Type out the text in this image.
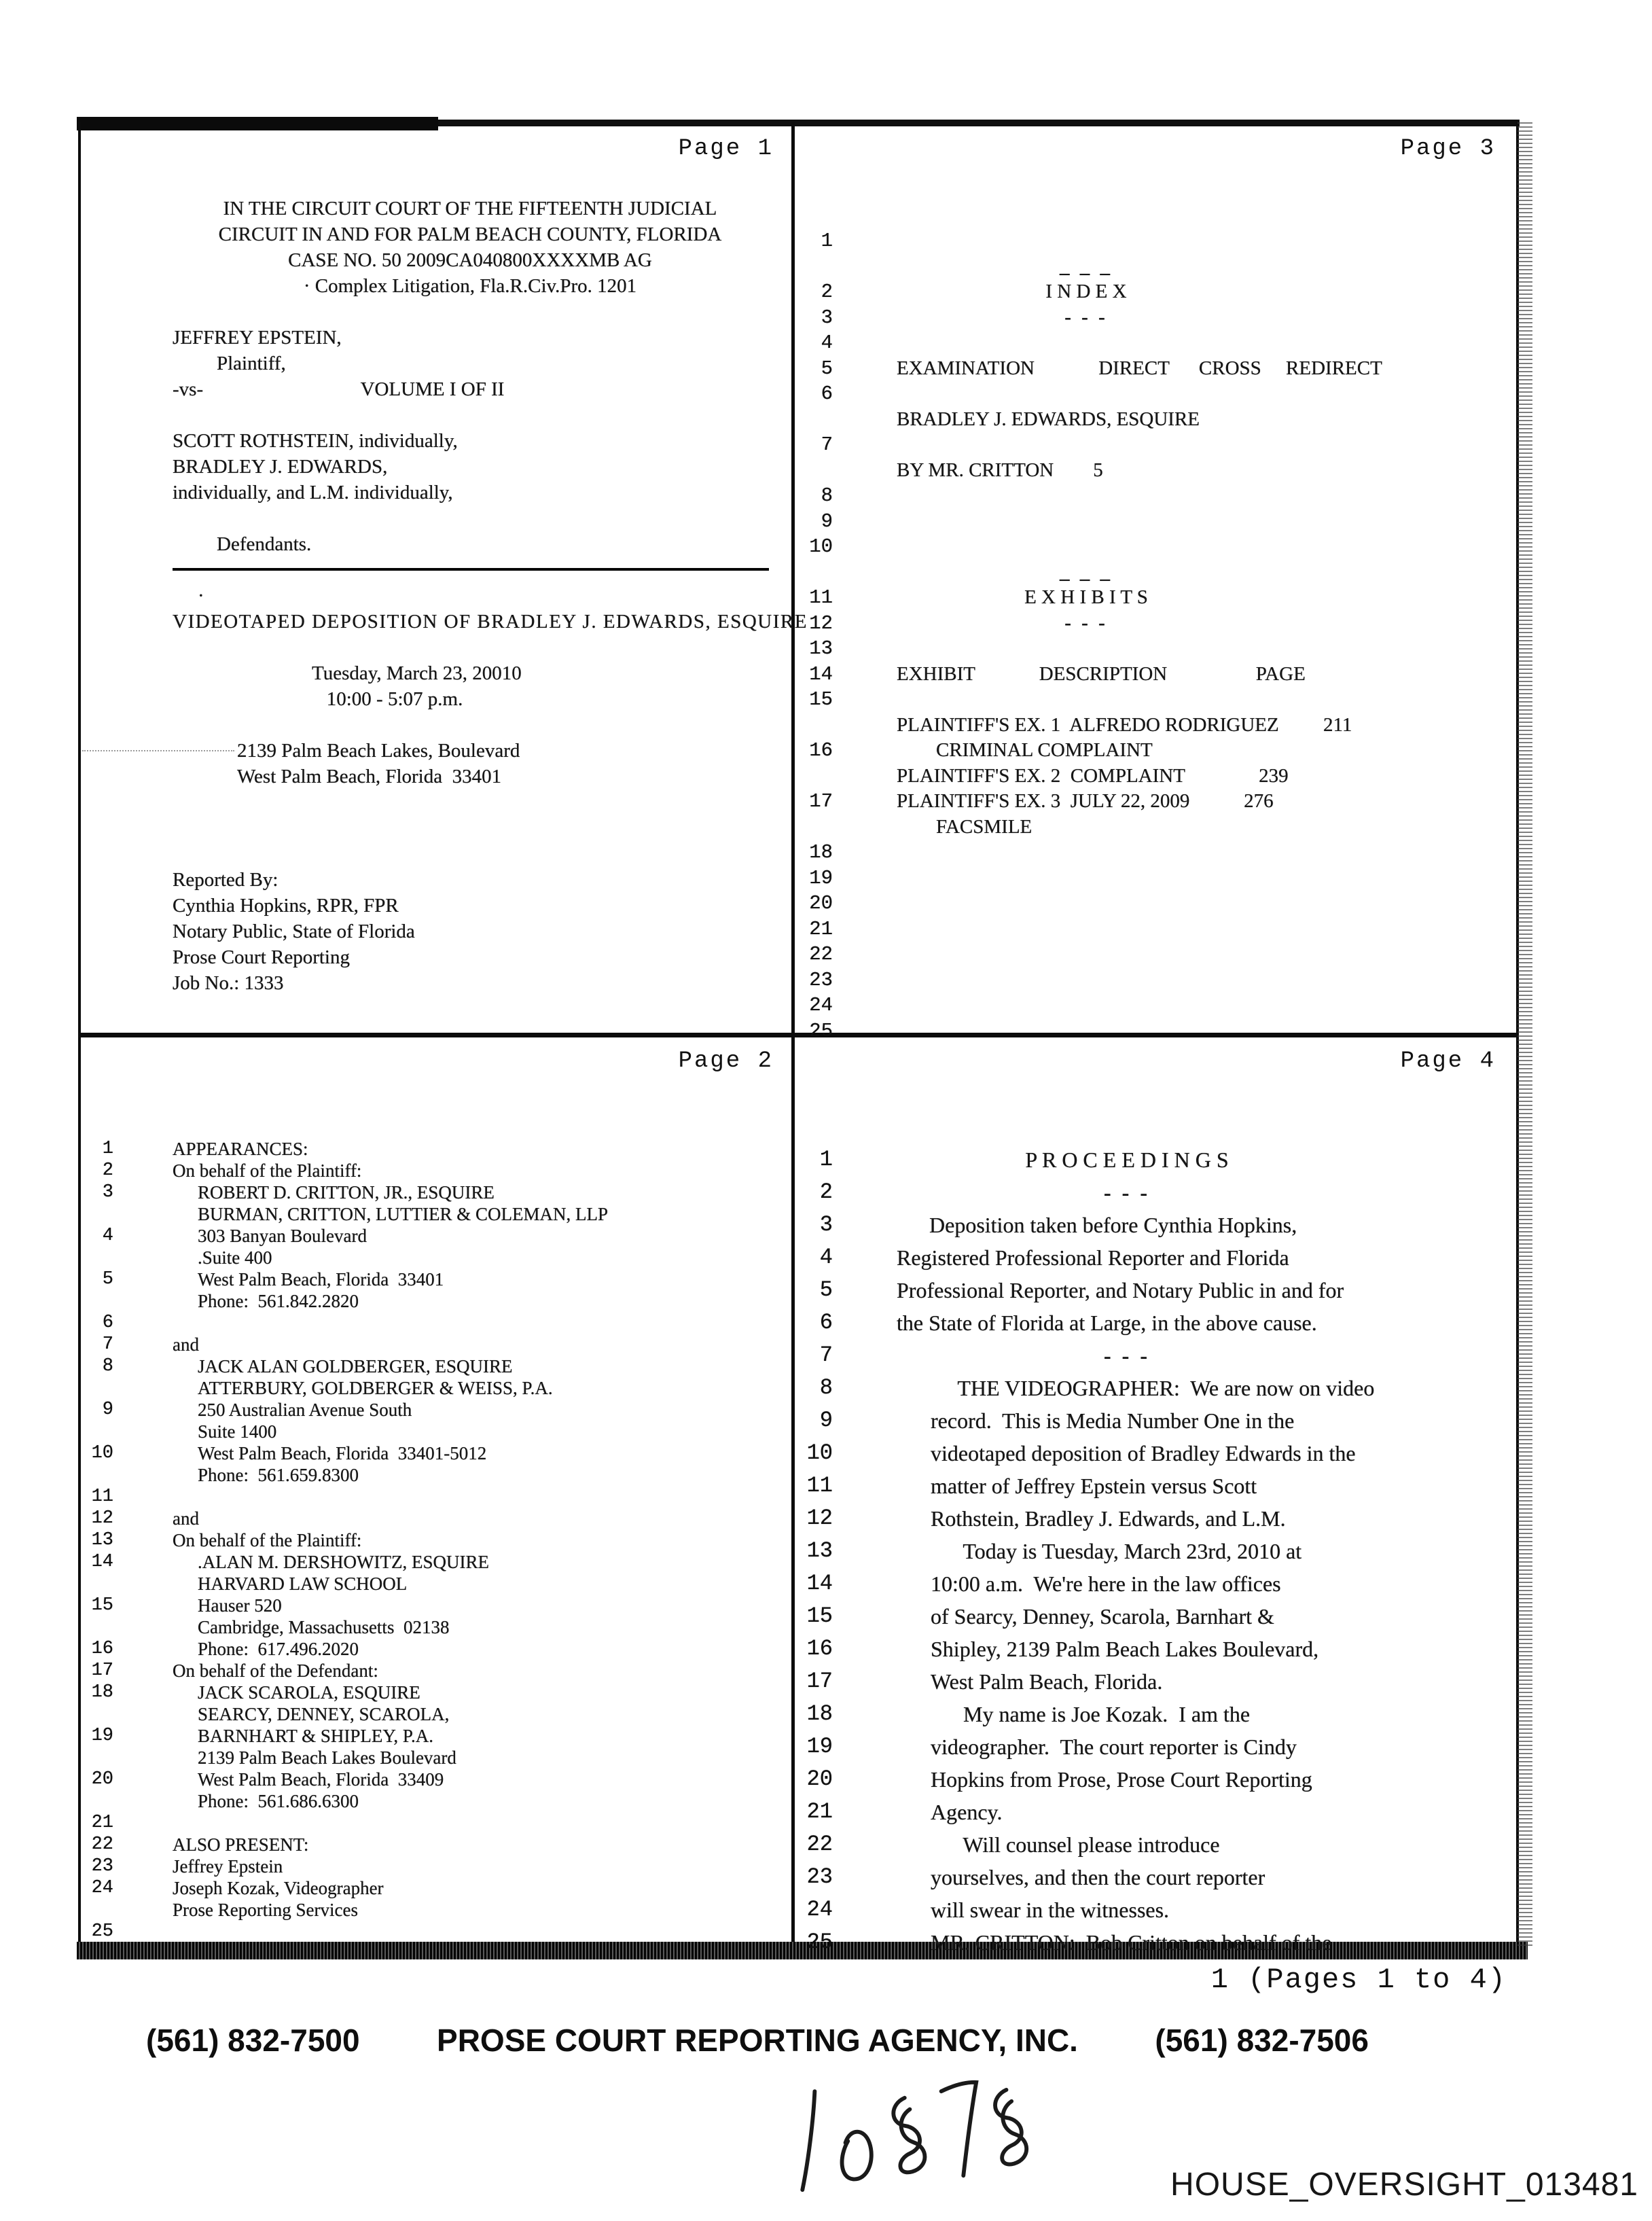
Page 1
IN THE CIRCUIT COURT OF THE FIFTEENTH JUDICIAL
CIRCUIT IN AND FOR PALM BEACH COUNTY, FLORIDA
CASE NO. 50 2009CA040800XXXXMB AG
· Complex Litigation, Fla.R.Civ.Pro. 1201
JEFFREY EPSTEIN,
Plaintiff,
-vs-                                VOLUME I OF II
SCOTT ROTHSTEIN, individually,
BRADLEY J. EDWARDS,
individually, and L.M. individually,
Defendants.
·
VIDEOTAPED DEPOSITION OF BRADLEY J. EDWARDS, ESQUIRE
Tuesday, March 23, 20010
10:00 - 5:07 p.m.
2139 Palm Beach Lakes, Boulevard
West Palm Beach, Florida  33401
Reported By:
Cynthia Hopkins, RPR, FPR
Notary Public, State of Florida
Prose Court Reporting
Job No.: 1333
Page 3
1
_ _ _
2	I N D E X
3	- - -
4
5	EXAMINATION             DIRECT      CROSS     REDIRECT
6
BRADLEY J. EDWARDS, ESQUIRE
7
BY MR. CRITTON        5
8
9
10
_ _ _
11	E X H I B I T S
12	- - -
13
14	EXHIBIT             DESCRIPTION                  PAGE
15
PLAINTIFF'S EX. 1  ALFREDO RODRIGUEZ         211
16	CRIMINAL COMPLAINT
PLAINTIFF'S EX. 2  COMPLAINT               239
17	PLAINTIFF'S EX. 3  JULY 22, 2009           276
FACSMILE
18
19
20
21
22
23
24
25
Page 2
1	APPEARANCES:
2	On behalf of the Plaintiff:
3	ROBERT D. CRITTON, JR., ESQUIRE
BURMAN, CRITTON, LUTTIER & COLEMAN, LLP
4	303 Banyan Boulevard
.Suite 400
5	West Palm Beach, Florida  33401
Phone:  561.842.2820
6
7	and
8	JACK ALAN GOLDBERGER, ESQUIRE
ATTERBURY, GOLDBERGER & WEISS, P.A.
9	250 Australian Avenue South
Suite 1400
10	West Palm Beach, Florida  33401-5012
Phone:  561.659.8300
11
12	and
13	On behalf of the Plaintiff:
14	.ALAN M. DERSHOWITZ, ESQUIRE
HARVARD LAW SCHOOL
15	Hauser 520
Cambridge, Massachusetts  02138
16	Phone:  617.496.2020
17	On behalf of the Defendant:
18	JACK SCAROLA, ESQUIRE
SEARCY, DENNEY, SCAROLA,
19	BARNHART & SHIPLEY, P.A.
2139 Palm Beach Lakes Boulevard
20	West Palm Beach, Florida  33409
Phone:  561.686.6300
21
22	ALSO PRESENT:
23	Jeffrey Epstein
24	Joseph Kozak, Videographer
Prose Reporting Services
25
Page 4
1	P R O C E E D I N G S
2	- - -
3	Deposition taken before Cynthia Hopkins,
4	Registered Professional Reporter and Florida
5	Professional Reporter, and Notary Public in and for
6	the State of Florida at Large, in the above cause.
7	- - -
8	THE VIDEOGRAPHER:  We are now on video
9	record.  This is Media Number One in the
10	videotaped deposition of Bradley Edwards in the
11	matter of Jeffrey Epstein versus Scott
12	Rothstein, Bradley J. Edwards, and L.M.
13	Today is Tuesday, March 23rd, 2010 at
14	10:00 a.m.  We're here in the law offices
15	of Searcy, Denney, Scarola, Barnhart &
16	Shipley, 2139 Palm Beach Lakes Boulevard,
17	West Palm Beach, Florida.
18	My name is Joe Kozak.  I am the
19	videographer.  The court reporter is Cindy
20	Hopkins from Prose, Prose Court Reporting
21	Agency.
22	Will counsel please introduce
23	yourselves, and then the court reporter
24	will swear in the witnesses.
25	MR. CRITTON:  Bob Critton on behalf of the
1 (Pages 1 to 4)
(561) 832-7500 PROSE COURT REPORTING AGENCY, INC. (561) 832-7506
HOUSE_OVERSIGHT_013481
